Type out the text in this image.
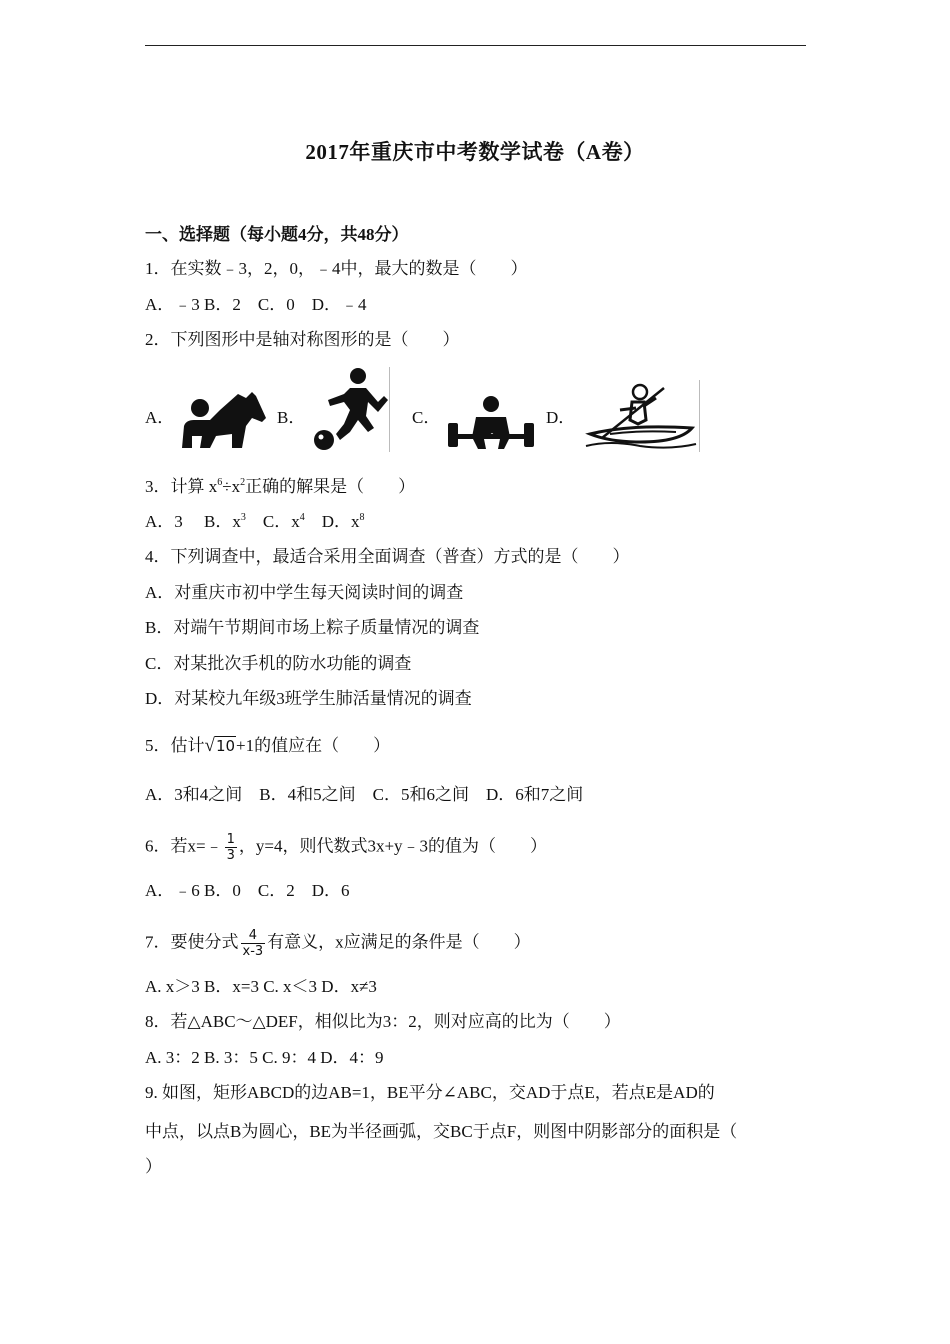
2017年重庆市中考数学试卷（A卷）
一、选择题（每小题4分，共48分）
1．在实数﹣3，2，0，﹣4中，最大的数是（　　）
A．﹣3 B．2　C．0　D．﹣4
2．下列图形中是轴对称图形的是（　　）
A．	B．	C．	D．
3．计算 $x^6\div x^2$正确的解果是（　　）
A．3　 B．$x^3$　C．$x^4$　D．$x^8$
4．下列调查中，最适合采用全面调查（普查）方式的是（　　）
A．对重庆市初中学生每天阅读时间的调查
B．对端午节期间市场上粽子质量情况的调查
C．对某批次手机的防水功能的调查
D．对某校九年级3班学生肺活量情况的调查
5．估计√10+1的值应在（　　）
A．3和4之间　B．4和5之间　C．5和6之间　D．6和7之间
6．若x=﹣ $\frac{1}{3}$ ，y=4，则代数式3x+y﹣3的值为（　　）
A．﹣6 B．0　C．2　D．6
7．要使分式 $\frac{4}{x-3}$ 有意义，x应满足的条件是（　　）
A. x＞3 B．x=3 C. x＜3 D．x≠3
8．若△ABC～△DEF，相似比为3：2，则对应高的比为（　　）
A. 3：2 B. 3：5 C. 9：4 D．4：9
9. 如图，矩形ABCD的边AB=1，BE平分∠ABC，交AD于点E，若点E是AD的
中点，以点B为圆心，BE为半径画弧，交BC于点F，则图中阴影部分的面积是（
）
